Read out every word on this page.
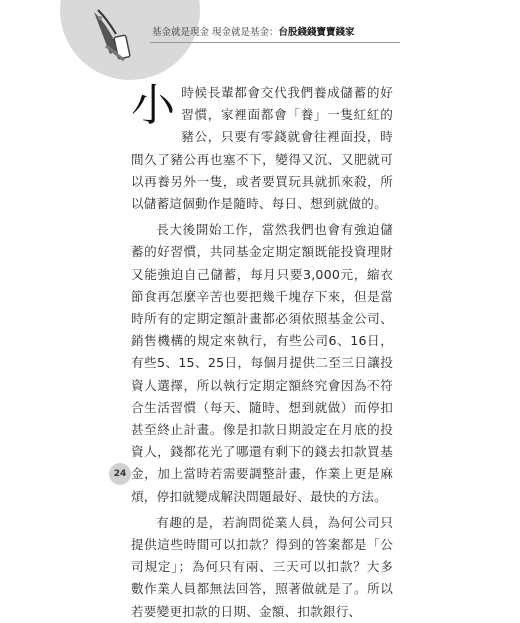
基金就是現金 現金就是基金：台股錢錢寶寶錢家

小時候長輩都會交代我們養成儲蓄的好習慣，家裡面都會「養」一隻紅紅的豬公，只要有零錢就會往裡面投，時間久了豬公再也塞不下，變得又沉、又肥就可以再養另外一隻，或者要買玩具就抓來殺，所以儲蓄這個動作是隨時、每日、想到就做的。

長大後開始工作，當然我們也會有強迫儲蓄的好習慣，共同基金定期定額既能投資理財又能強迫自己儲蓄，每月只要3,000元，縮衣節食再怎麼辛苦也要把幾千塊存下來，但是當時所有的定期定額計畫都必須依照基金公司、銷售機構的規定來執行，有些公司6、16日，有些5、15、25日，每個月提供二至三日讓投資人選擇，所以執行定期定額終究會因為不符合生活習慣（每天、隨時、想到就做）而停扣甚至終止計畫。像是扣款日期設定在月底的投資人，錢都花光了哪還有剩下的錢去扣款買基金，加上當時若需要調整計畫，作業上更是麻煩，停扣就變成解決問題最好、最快的方法。

有趣的是，若詢問從業人員，為何公司只提供這些時間可以扣款？得到的答案都是「公司規定」；為何只有兩、三天可以扣款？大多數作業人員都無法回答，照著做就是了。所以若要變更扣款的日期、金額、扣款銀行、

24
